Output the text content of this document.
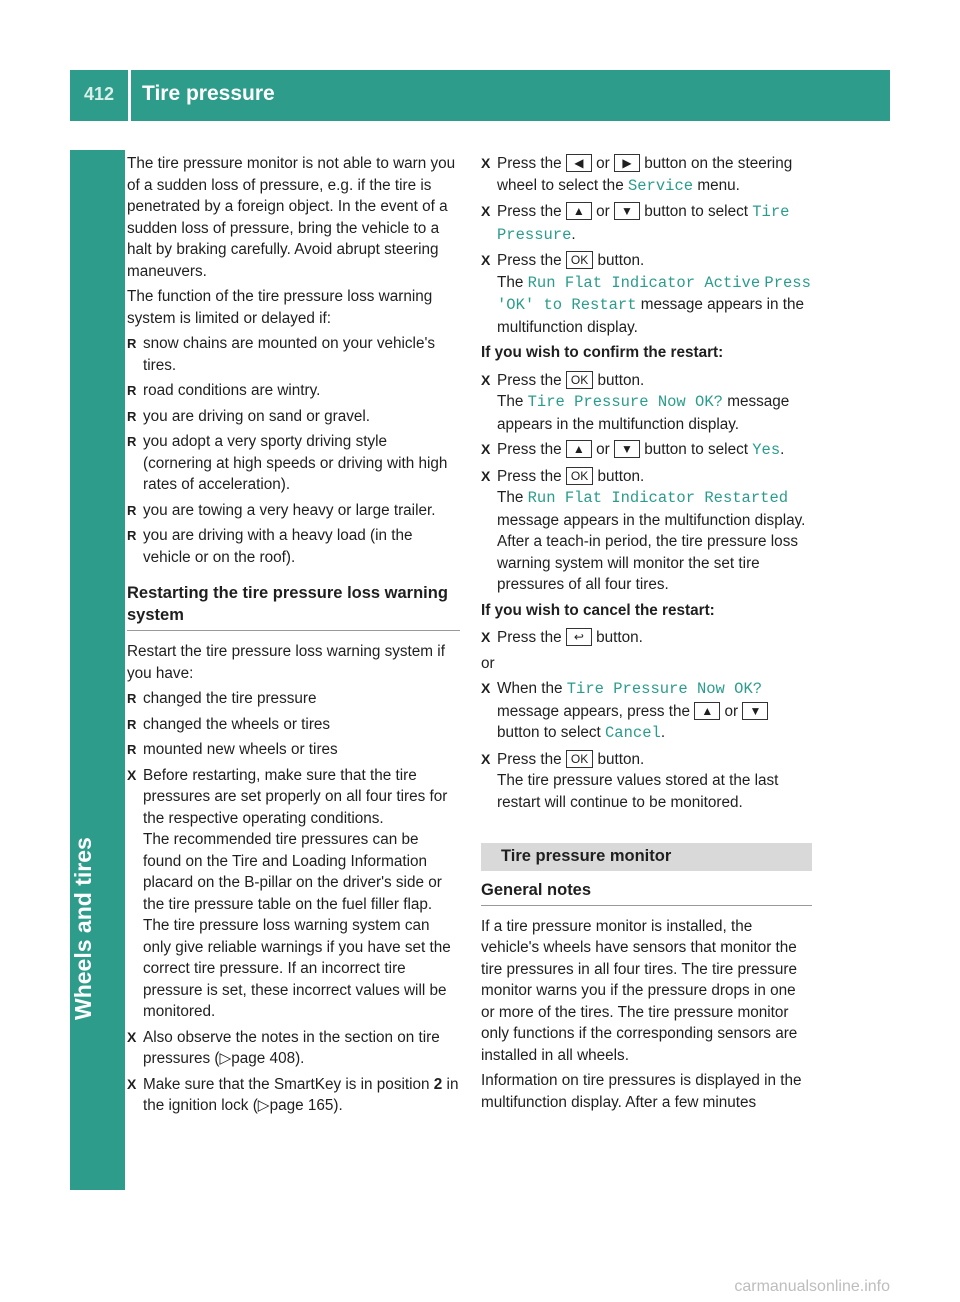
412 Tire pressure
Wheels and tires

The tire pressure monitor is not able to warn you of a sudden loss of pressure, e.g. if the tire is penetrated by a foreign object. In the event of a sudden loss of pressure, bring the vehicle to a halt by braking carefully. Avoid abrupt steering maneuvers.

The function of the tire pressure loss warning system is limited or delayed if:

R snow chains are mounted on your vehicle's tires.
R road conditions are wintry.
R you are driving on sand or gravel.
R you adopt a very sporty driving style (cornering at high speeds or driving with high rates of acceleration).
R you are towing a very heavy or large trailer.
R you are driving with a heavy load (in the vehicle or on the roof).
Restarting the tire pressure loss warning system

Restart the tire pressure loss warning system if you have:

R changed the tire pressure
R changed the wheels or tires
R mounted new wheels or tires
X Before restarting, make sure that the tire pressures are set properly on all four tires for the respective operating conditions.
The recommended tire pressures can be found on the Tire and Loading Information placard on the B-pillar on the driver's side or the tire pressure table on the fuel filler flap.
The tire pressure loss warning system can only give reliable warnings if you have set the correct tire pressure. If an incorrect tire pressure is set, these incorrect values will be monitored.
X Also observe the notes in the section on tire pressures (▷page 408).
X Make sure that the SmartKey is in position 2 in the ignition lock (▷page 165).
X Press the ◀ or ▶ button on the steering wheel to select the Service menu.
X Press the ▲ or ▼ button to select Tire Pressure.
X Press the OK button.
The Run Flat Indicator Active Press 'OK' to Restart message appears in the multifunction display.
If you wish to confirm the restart:
X Press the OK button.
The Tire Pressure Now OK? message appears in the multifunction display.
X Press the ▲ or ▼ button to select Yes.
X Press the OK button.
The Run Flat Indicator Restarted message appears in the multifunction display.
After a teach-in period, the tire pressure loss warning system will monitor the set tire pressures of all four tires.
If you wish to cancel the restart:
X Press the ↩ button.

or

X When the Tire Pressure Now OK? message appears, press the ▲ or ▼ button to select Cancel.
X Press the OK button.
The tire pressure values stored at the last restart will continue to be monitored.
Tire pressure monitor
General notes

If a tire pressure monitor is installed, the vehicle's wheels have sensors that monitor the tire pressures in all four tires. The tire pressure monitor warns you if the pressure drops in one or more of the tires. The tire pressure monitor only functions if the corresponding sensors are installed in all wheels.

Information on tire pressures is displayed in the multifunction display. After a few minutes

carmanualsonline.info
